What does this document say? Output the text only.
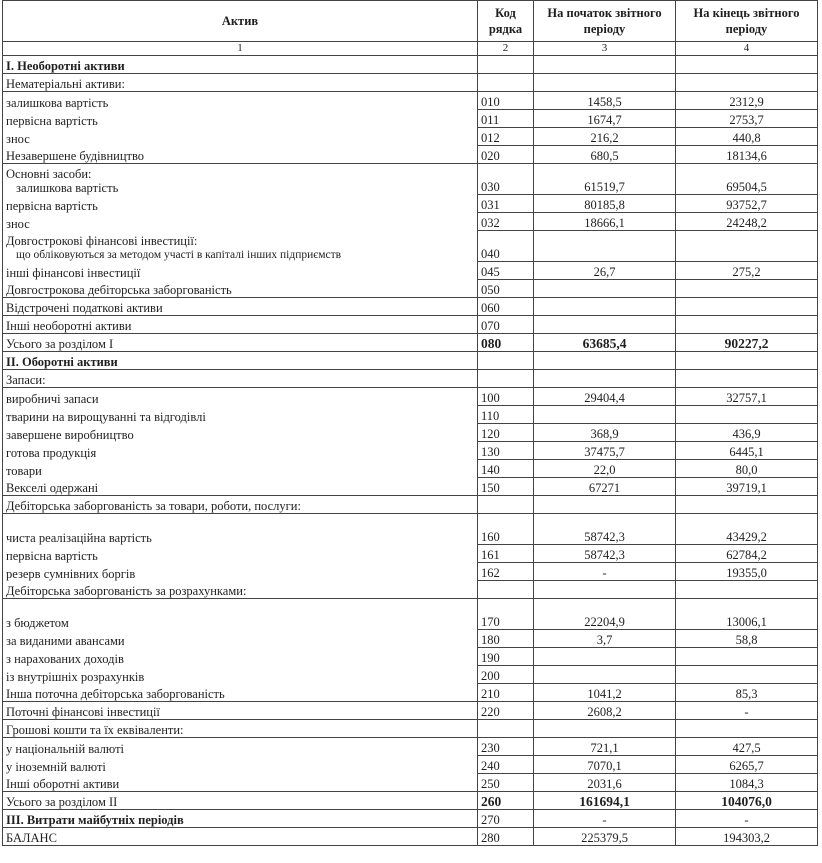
Актив	Код рядка	На початок звітного періоду	На кінець звітного періоду
1	2	3	4
I. Необоротні активи			
Нематеріальні активи:			
залишкова вартість	010	1458,5	2312,9
первісна вартість	011	1674,7	2753,7
знос	012	216,2	440,8
Незавершене будівництво	020	680,5	18134,6

Основні засоби:
залишкова вартість	030	61519,7	69504,5
первісна вартість	031	80185,8	93752,7
знос	032	18666,1	24248,2

Довгострокові фінансові інвестиції:
що обліковуються за методом участі в капіталі інших підприємств	040		
інші фінансові інвестиції	045	26,7	275,2
Довгострокова дебіторська заборгованість	050		
Відстрочені податкові активи	060		
Інші необоротні активи	070		
Усього за розділом I	080	63685,4	90227,2
II. Оборотні активи			
Запаси:			
виробничі запаси	100	29404,4	32757,1
тварини на вирощуванні та відгодівлі	110		
завершене виробництво	120	368,9	436,9
готова продукція	130	37475,7	6445,1
товари	140	22,0	80,0
Векселі одержані	150	67271	39719,1
Дебіторська заборгованість за товари, роботи, послуги:			
чиста реалізаційна вартість	160	58742,3	43429,2
первісна вартість	161	58742,3	62784,2
резерв сумнівних боргів	162	-	19355,0
Дебіторська заборгованість за розрахунками:			
з бюджетом	170	22204,9	13006,1
за виданими авансами	180	3,7	58,8
з нарахованих доходів	190		
із внутрішніх розрахунків	200		
Інша поточна дебіторська заборгованість	210	1041,2	85,3
Поточні фінансові інвестиції	220	2608,2	-
Грошові кошти та їх еквіваленти:			
у національній валюті	230	721,1	427,5
у іноземній валюті	240	7070,1	6265,7
Інші оборотні активи	250	2031,6	1084,3
Усього за розділом II	260	161694,1	104076,0
III. Витрати майбутніх періодів	270	-	-
БАЛАНС	280	225379,5	194303,2
